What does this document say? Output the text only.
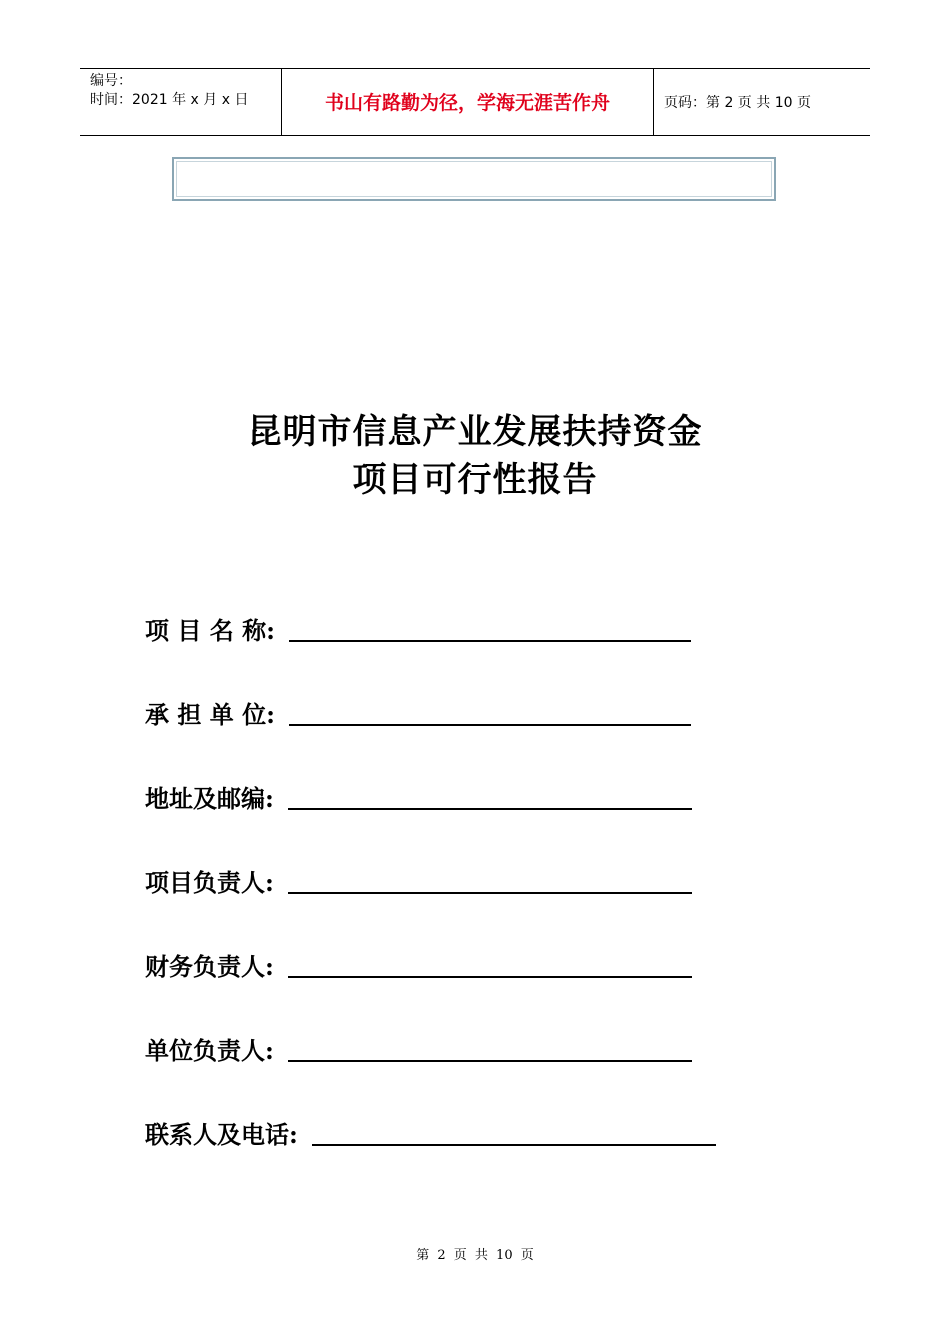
编号：
时间：2021 年 x 月 x 日	书山有路勤为径，学海无涯苦作舟	页码：第 2 页 共 10 页
昆明市信息产业发展扶持资金
项目可行性报告
项 目 名 称:
承 担 单 位:
地址及邮编:
项目负责人:
财务负责人:
单位负责人:
联系人及电话:
第 2 页 共 10 页
